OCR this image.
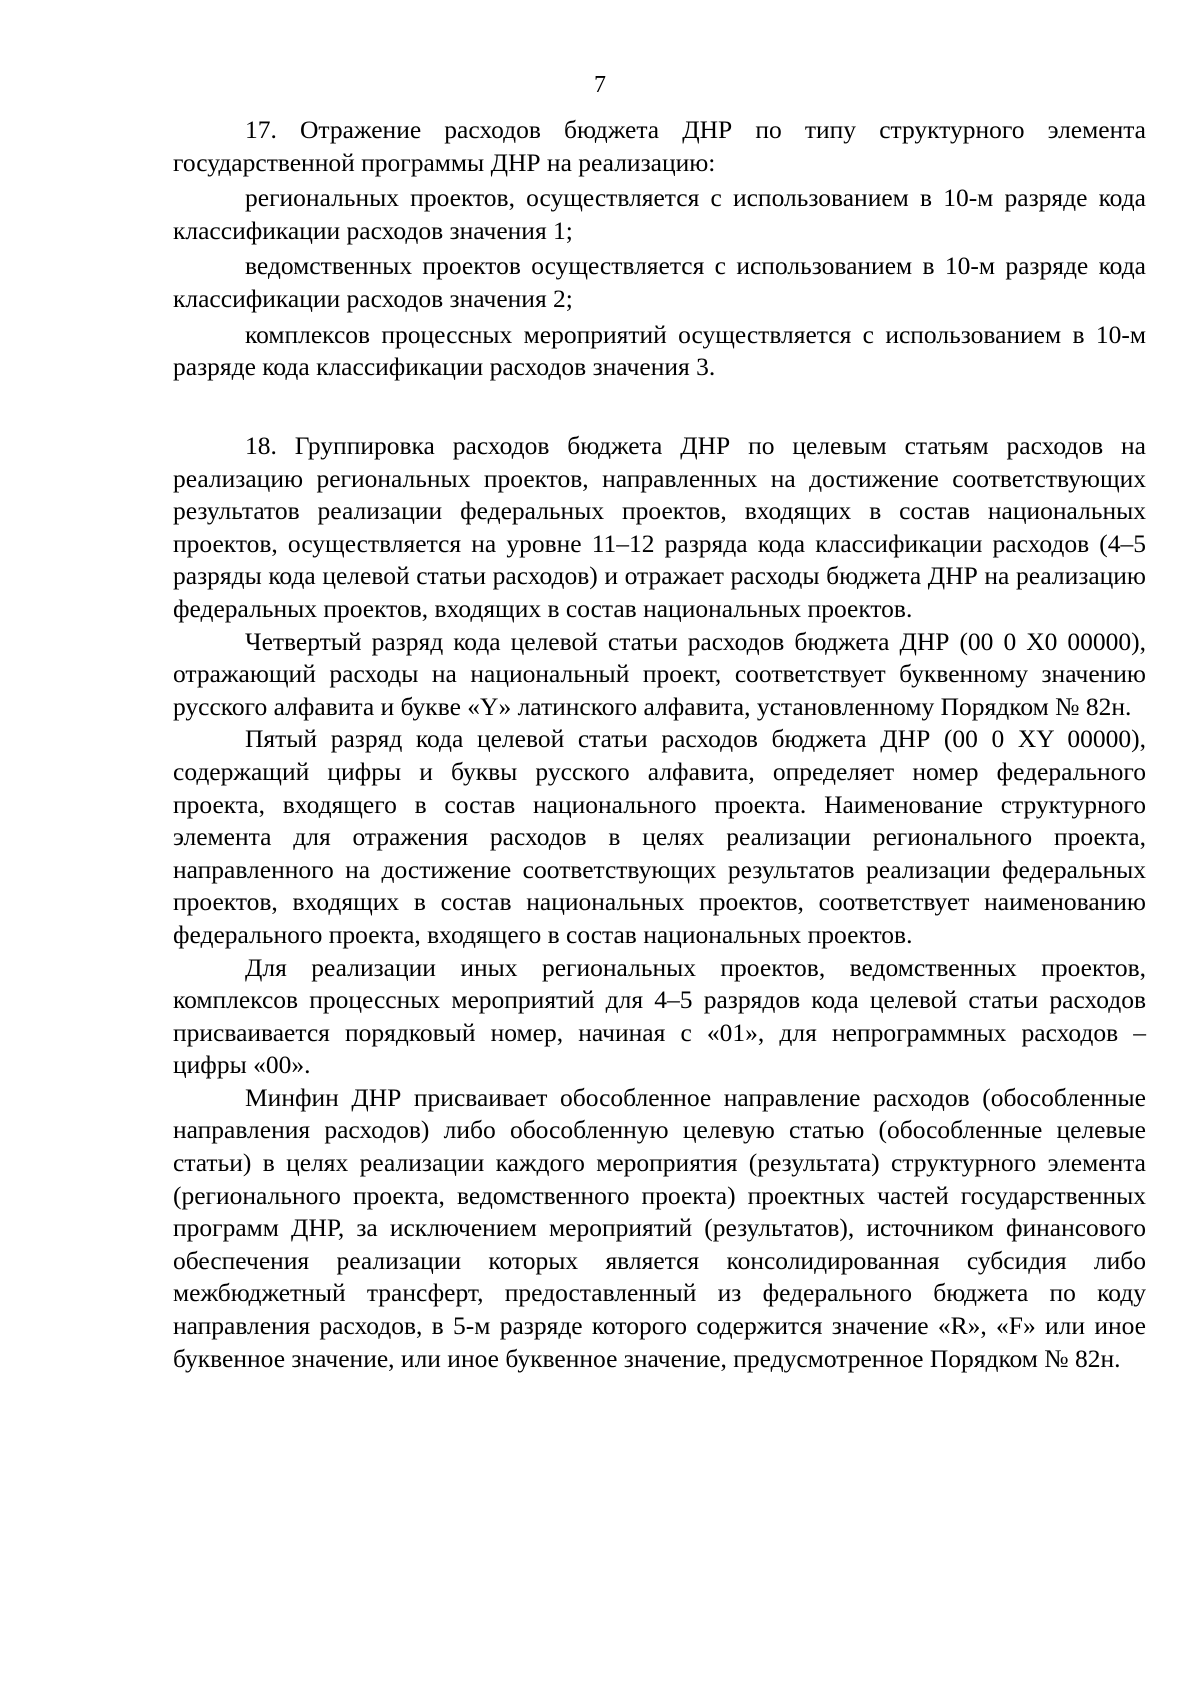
7

17. Отражение расходов бюджета ДНР по типу структурного элемента государственной программы ДНР на реализацию:

региональных проектов, осуществляется с использованием в 10-м разряде кода классификации расходов значения 1;

ведомственных проектов осуществляется с использованием в 10-м разряде кода классификации расходов значения 2;

комплексов процессных мероприятий осуществляется с использованием в 10-м разряде кода классификации расходов значения 3.

18. Группировка расходов бюджета ДНР по целевым статьям расходов на реализацию региональных проектов, направленных на достижение соответствующих результатов реализации федеральных проектов, входящих в состав национальных проектов, осуществляется на уровне 11–12 разряда кода классификации расходов (4–5 разряды кода целевой статьи расходов) и отражает расходы бюджета ДНР на реализацию федеральных проектов, входящих в состав национальных проектов.

Четвертый разряд кода целевой статьи расходов бюджета ДНР (00 0 X0 00000), отражающий расходы на национальный проект, соответствует буквенному значению русского алфавита и букве «Y» латинского алфавита, установленному Порядком № 82н.

Пятый разряд кода целевой статьи расходов бюджета ДНР (00 0 XY 00000), содержащий цифры и буквы русского алфавита, определяет номер федерального проекта, входящего в состав национального проекта. Наименование структурного элемента для отражения расходов в целях реализации регионального проекта, направленного на достижение соответствующих результатов реализации федеральных проектов, входящих в состав национальных проектов, соответствует наименованию федерального проекта, входящего в состав национальных проектов.

Для реализации иных региональных проектов, ведомственных проектов, комплексов процессных мероприятий для 4–5 разрядов кода целевой статьи расходов присваивается порядковый номер, начиная с «01», для непрограммных расходов – цифры «00».

Минфин ДНР присваивает обособленное направление расходов (обособленные направления расходов) либо обособленную целевую статью (обособленные целевые статьи) в целях реализации каждого мероприятия (результата) структурного элемента (регионального проекта, ведомственного проекта) проектных частей государственных программ ДНР, за исключением мероприятий (результатов), источником финансового обеспечения реализации которых является консолидированная субсидия либо межбюджетный трансферт, предоставленный из федерального бюджета по коду направления расходов, в 5-м разряде которого содержится значение «R», «F» или иное буквенное значение, или иное буквенное значение, предусмотренное Порядком № 82н.
